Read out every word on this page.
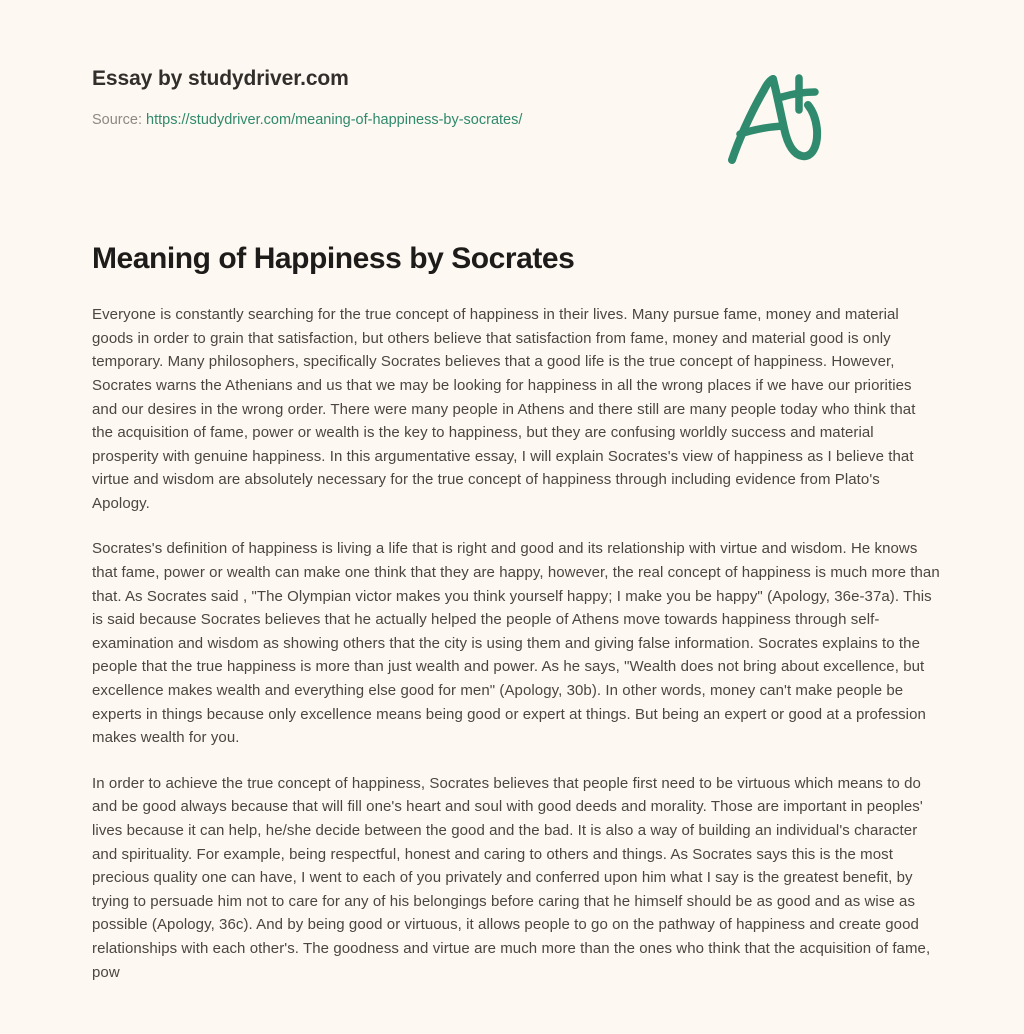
Essay by studydriver.com
Source: https://studydriver.com/meaning-of-happiness-by-socrates/
Meaning of Happiness by Socrates

Everyone is constantly searching for the true concept of happiness in their lives. Many pursue fame, money and material goods in order to grain that satisfaction, but others believe that satisfaction from fame, money and material good is only temporary. Many philosophers, specifically Socrates believes that a good life is the true concept of happiness. However, Socrates warns the Athenians and us that we may be looking for happiness in all the wrong places if we have our priorities and our desires in the wrong order. There were many people in Athens and there still are many people today who think that the acquisition of fame, power or wealth is the key to happiness, but they are confusing worldly success and material prosperity with genuine happiness. In this argumentative essay, I will explain Socrates's view of happiness as I believe that virtue and wisdom are absolutely necessary for the true concept of happiness through including evidence from Plato's Apology.

Socrates's definition of happiness is living a life that is right and good and its relationship with virtue and wisdom. He knows that fame, power or wealth can make one think that they are happy, however, the real concept of happiness is much more than that. As Socrates said , "The Olympian victor makes you think yourself happy; I make you be happy" (Apology, 36e-37a). This is said because Socrates believes that he actually helped the people of Athens move towards happiness through self-examination and wisdom as showing others that the city is using them and giving false information. Socrates explains to the people that the true happiness is more than just wealth and power. As he says, "Wealth does not bring about excellence, but excellence makes wealth and everything else good for men" (Apology, 30b). In other words, money can't make people be experts in things because only excellence means being good or expert at things. But being an expert or good at a profession makes wealth for you.

In order to achieve the true concept of happiness, Socrates believes that people first need to be virtuous which means to do and be good always because that will fill one's heart and soul with good deeds and morality. Those are important in peoples' lives because it can help, he/she decide between the good and the bad. It is also a way of building an individual's character and spirituality. For example, being respectful, honest and caring to others and things. As Socrates says this is the most precious quality one can have, I went to each of you privately and conferred upon him what I say is the greatest benefit, by trying to persuade him not to care for any of his belongings before caring that he himself should be as good and as wise as possible (Apology, 36c). And by being good or virtuous, it allows people to go on the pathway of happiness and create good relationships with each other's. The goodness and virtue are much more than the ones who think that the acquisition of fame, pow
